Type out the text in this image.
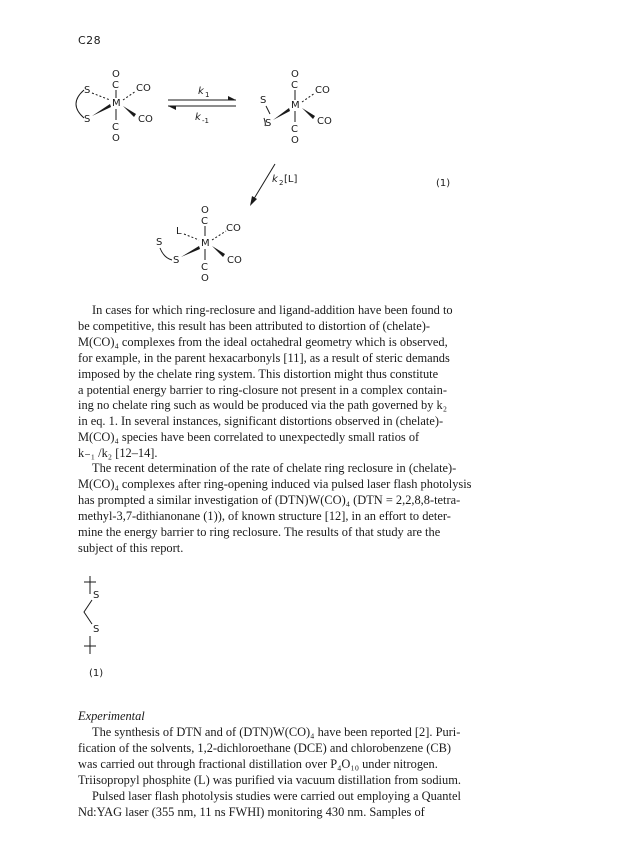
C28
O
C
M
C
O
S
S
CO
CO
k 1
k -1
O
C
M
C
O
S
S
CO
CO
k 2 [L]
O
C
M
C
O
L
S
S
CO
CO
(1)
In cases for which ring-reclosure and ligand-addition have been found to
be competitive, this result has been attributed to distortion of (chelate)-
M(CO)₄ complexes from the ideal octahedral geometry which is observed,
for example, in the parent hexacarbonyls [11], as a result of steric demands
imposed by the chelate ring system. This distortion might thus constitute
a potential energy barrier to ring-closure not present in a complex contain-
ing no chelate ring such as would be produced via the path governed by k₂
in eq. 1. In several instances, significant distortions observed in (chelate)-
M(CO)₄ species have been correlated to unexpectedly small ratios of
k₋₁ /k₂ [12–14].
The recent determination of the rate of chelate ring reclosure in (chelate)-
M(CO)₄ complexes after ring-opening induced via pulsed laser flash photolysis
has prompted a similar investigation of (DTN)W(CO)₄ (DTN = 2,2,8,8-tetra-
methyl-3,7-dithianonane (1)), of known structure [12], in an effort to deter-
mine the energy barrier to ring reclosure. The results of that study are the
subject of this report.
S
S
(1)
Experimental
The synthesis of DTN and of (DTN)W(CO)₄ have been reported [2]. Puri-
fication of the solvents, 1,2-dichloroethane (DCE) and chlorobenzene (CB)
was carried out through fractional distillation over P₄O₁₀ under nitrogen.
Triisopropyl phosphite (L) was purified via vacuum distillation from sodium.
Pulsed laser flash photolysis studies were carried out employing a Quantel
Nd:YAG laser (355 nm, 11 ns FWHI) monitoring 430 nm. Samples of
